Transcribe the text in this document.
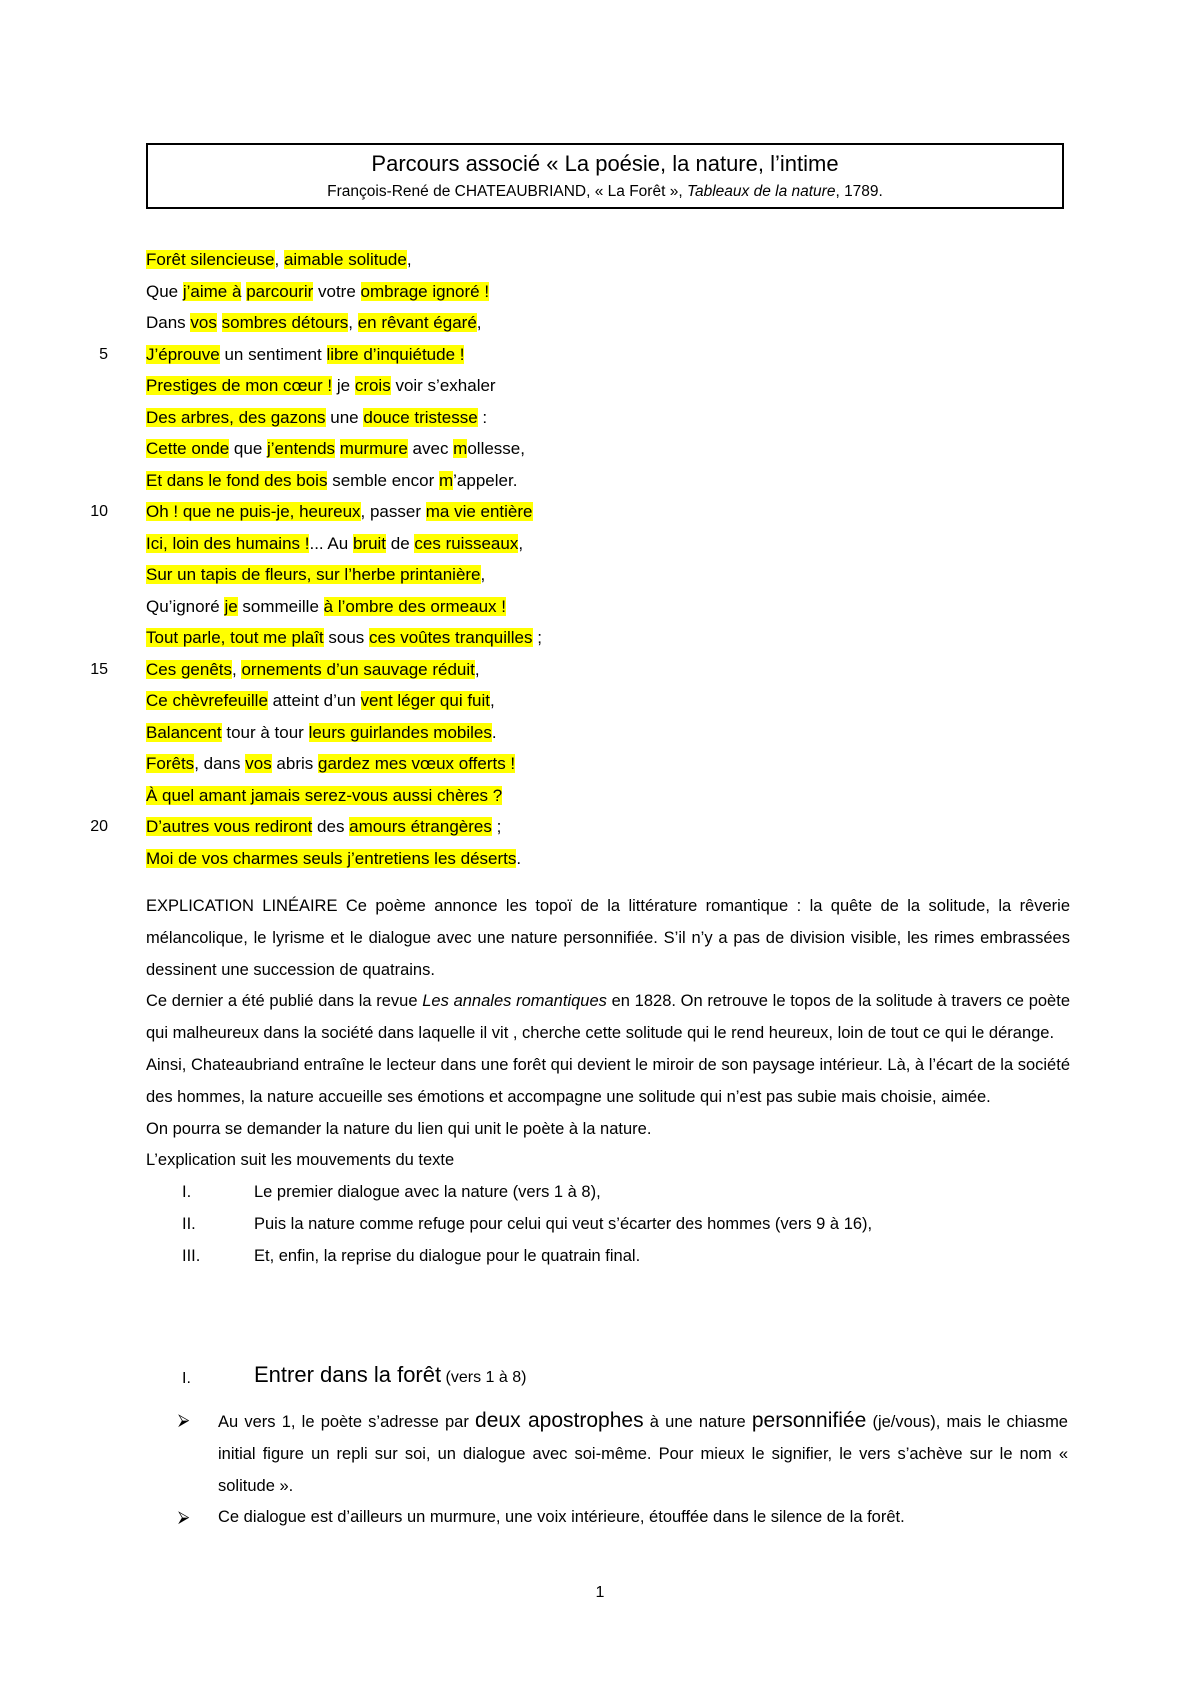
Parcours associé « La poésie, la nature, l’intime
François-René de CHATEAUBRIAND, « La Forêt », Tableaux de la nature, 1789.
Forêt silencieuse, aimable solitude,
Que j’aime à parcourir votre ombrage ignoré !
Dans vos sombres détours, en rêvant égaré,
5 J’éprouve un sentiment libre d’inquiétude !
Prestiges de mon cœur ! je crois voir s’exhaler
Des arbres, des gazons une douce tristesse :
Cette onde que j’entends murmure avec mollesse,
Et dans le fond des bois semble encor m’appeler.
10 Oh ! que ne puis-je, heureux, passer ma vie entière
Ici, loin des humains !... Au bruit de ces ruisseaux,
Sur un tapis de fleurs, sur l’herbe printanière,
Qu’ignoré je sommeille à l’ombre des ormeaux !
Tout parle, tout me plaît sous ces voûtes tranquilles ;
15 Ces genêts, ornements d’un sauvage réduit,
Ce chèvrefeuille atteint d’un vent léger qui fuit,
Balancent tour à tour leurs guirlandes mobiles.
Forêts, dans vos abris gardez mes vœux offerts !
À quel amant jamais serez-vous aussi chères ?
20 D’autres vous rediront des amours étrangères ;
Moi de vos charmes seuls j’entretiens les déserts.

EXPLICATION LINÉAIRE Ce poème annonce les topoï de la littérature romantique : la quête de la solitude, la rêverie mélancolique, le lyrisme et le dialogue avec une nature personnifiée. S’il n’y a pas de division visible, les rimes embrassées dessinent une succession de quatrains.

Ce dernier a été publié dans la revue Les annales romantiques en 1828. On retrouve le topos de la solitude à travers ce poète qui malheureux dans la société dans laquelle il vit , cherche cette solitude qui le rend heureux, loin de tout ce qui le dérange.

Ainsi, Chateaubriand entraîne le lecteur dans une forêt qui devient le miroir de son paysage intérieur. Là, à l’écart de la société des hommes, la nature accueille ses émotions et accompagne une solitude qui n’est pas subie mais choisie, aimée.

On pourra se demander la nature du lien qui unit le poète à la nature.

L’explication suit les mouvements du texte

I.	Le premier dialogue avec la nature (vers 1 à 8),
II.	Puis la nature comme refuge pour celui qui veut s’écarter des hommes (vers 9 à 16),
III.	Et, enfin, la reprise du dialogue pour le quatrain final.
I.	Entrer dans la forêt (vers 1 à 8)
⮚ Au vers 1, le poète s’adresse par deux apostrophes à une nature personnifiée (je/vous), mais le chiasme initial figure un repli sur soi, un dialogue avec soi-même. Pour mieux le signifier, le vers s’achève sur le nom « solitude ».
⮚ Ce dialogue est d’ailleurs un murmure, une voix intérieure, étouffée dans le silence de la forêt.
1
